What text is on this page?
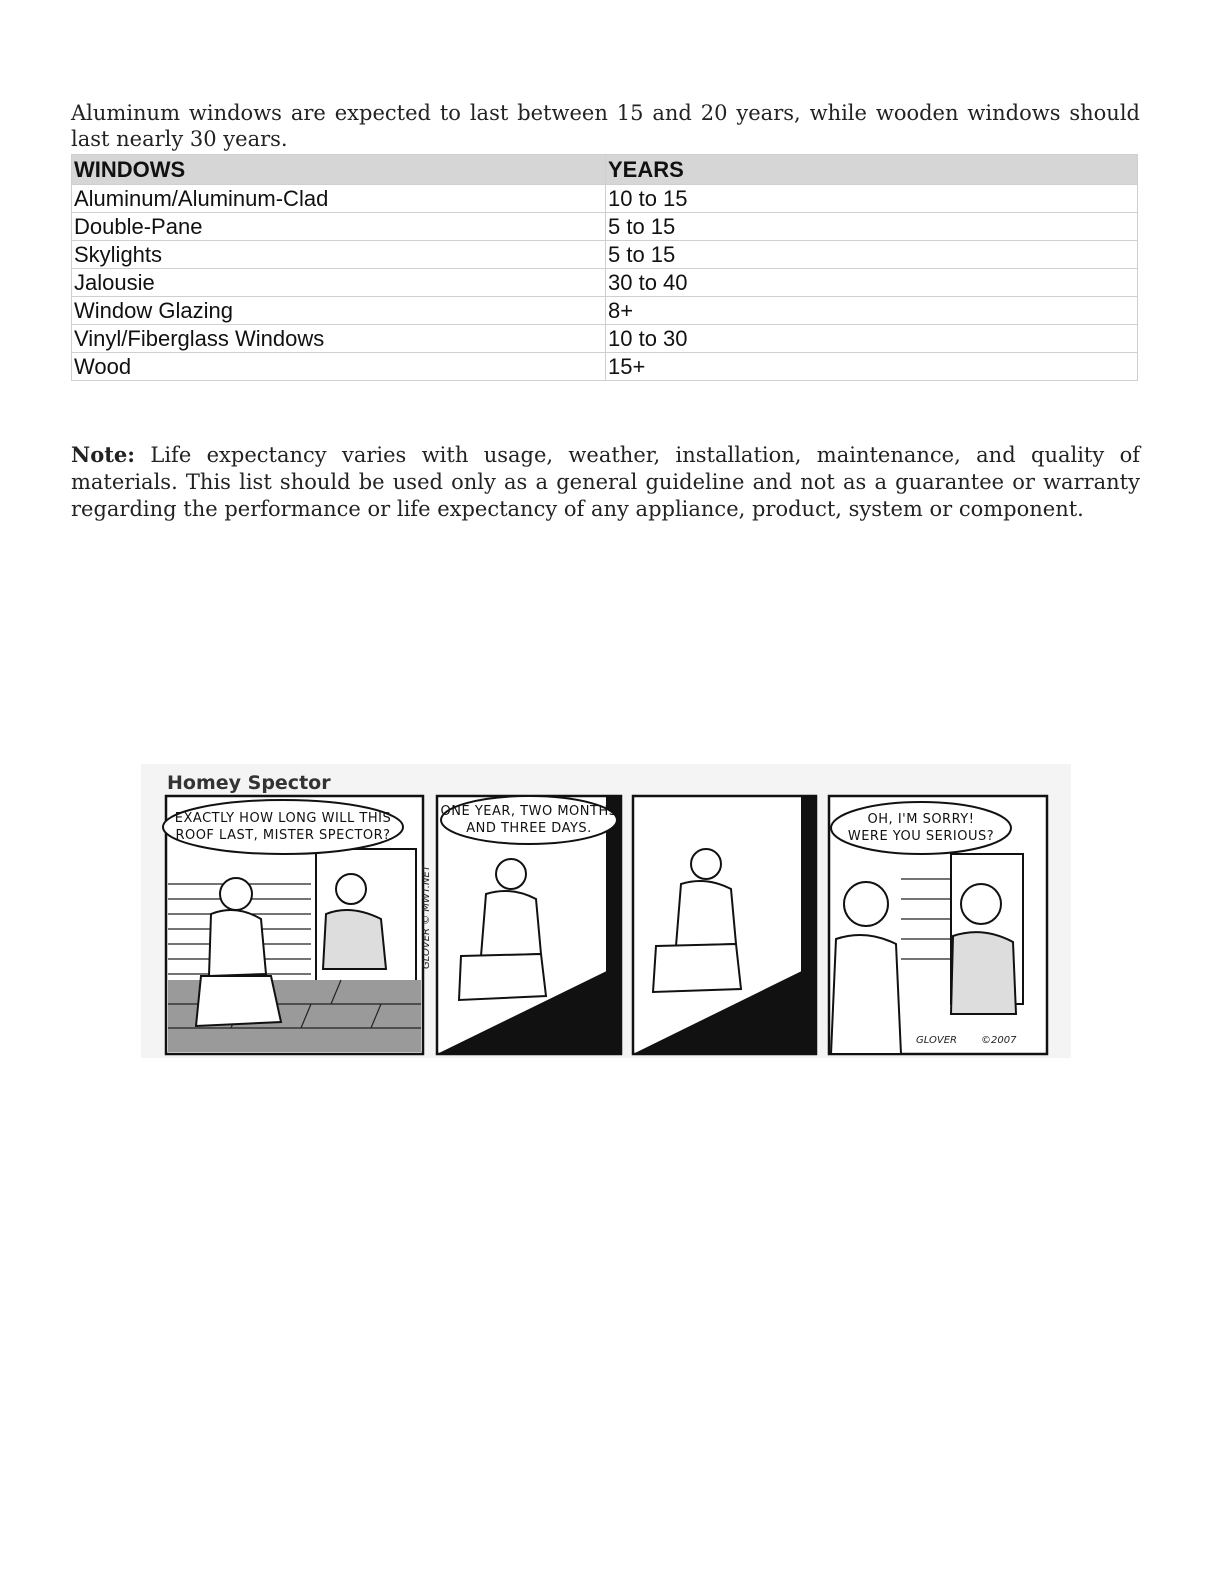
Aluminum windows are expected to last between 15 and 20 years, while wooden windows should last nearly 30 years.

WINDOWS	YEARS
Aluminum/Aluminum-Clad	10 to 15
Double-Pane	5 to 15
Skylights	5 to 15
Jalousie	30 to 40
Window Glazing	8+
Vinyl/Fiberglass Windows	10 to 30
Wood	15+

Note: Life expectancy varies with usage, weather, installation, maintenance, and quality of materials. This list should be used only as a general guideline and not as a guarantee or warranty regarding the performance or life expectancy of any appliance, product, system or component.

Homey Spector
EXACTLY HOW LONG WILL THIS
ROOF LAST, MISTER SPECTOR?
GLOVER © MWT.NET
ONE YEAR, TWO MONTHS
AND THREE DAYS.
OH, I'M SORRY!
WERE YOU SERIOUS?
GLOVER ©2007
